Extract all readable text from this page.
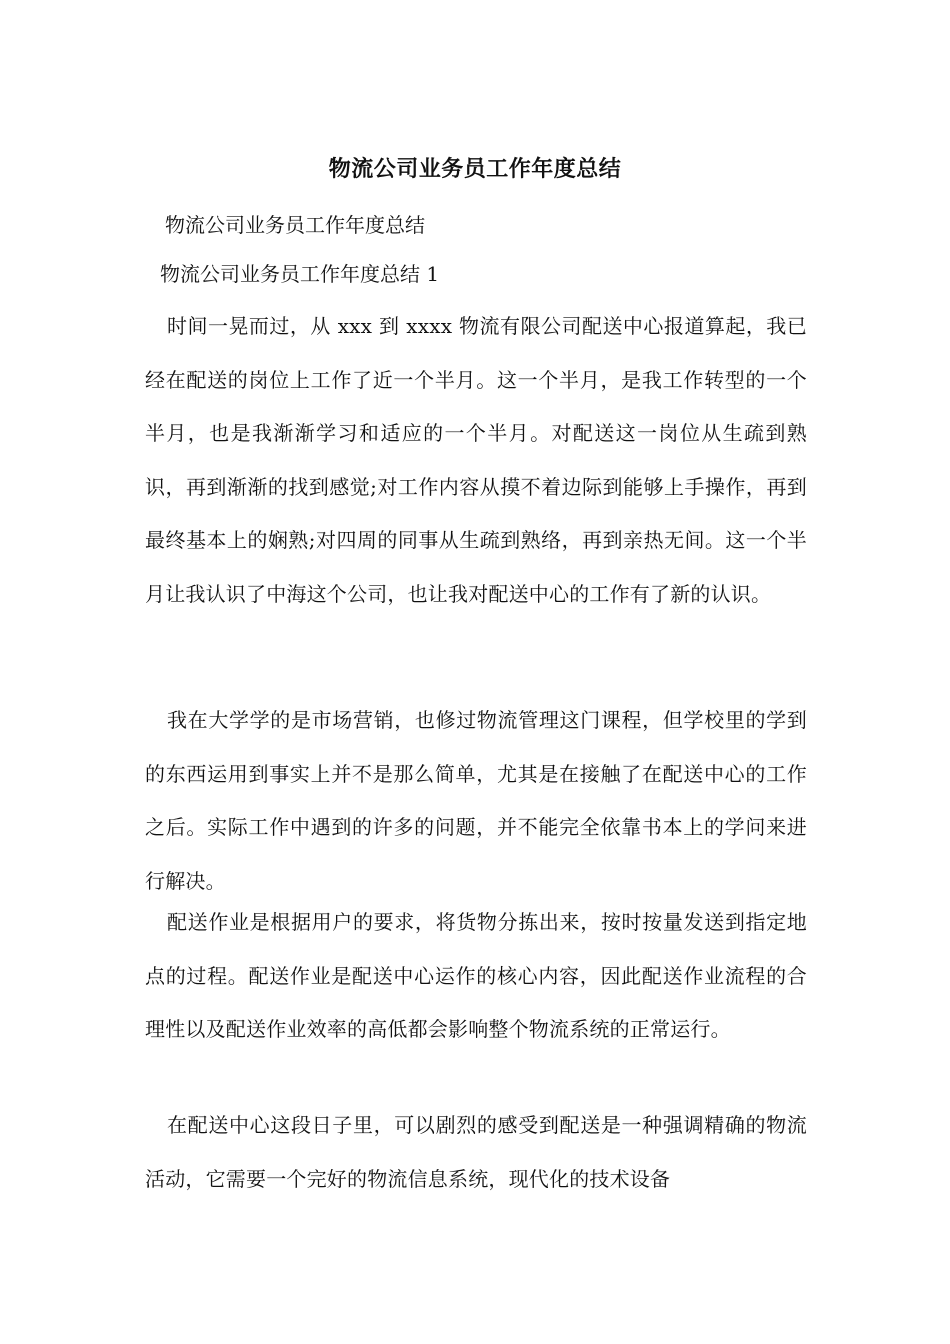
物流公司业务员工作年度总结

物流公司业务员工作年度总结

物流公司业务员工作年度总结 1

时间一晃而过，从 xxx 到 xxxx 物流有限公司配送中心报道算起，我已经在配送的岗位上工作了近一个半月。这一个半月，是我工作转型的一个半月，也是我渐渐学习和适应的一个半月。对配送这一岗位从生疏到熟识，再到渐渐的找到感觉;对工作内容从摸不着边际到能够上手操作，再到最终基本上的娴熟;对四周的同事从生疏到熟络，再到亲热无间。这一个半月让我认识了中海这个公司，也让我对配送中心的工作有了新的认识。

我在大学学的是市场营销，也修过物流管理这门课程，但学校里的学到的东西运用到事实上并不是那么简单，尤其是在接触了在配送中心的工作之后。实际工作中遇到的许多的问题，并不能完全依靠书本上的学问来进行解决。

配送作业是根据用户的要求，将货物分拣出来，按时按量发送到指定地点的过程。配送作业是配送中心运作的核心内容，因此配送作业流程的合理性以及配送作业效率的高低都会影响整个物流系统的正常运行。

在配送中心这段日子里，可以剧烈的感受到配送是一种强调精确的物流活动，它需要一个完好的物流信息系统，现代化的技术设备
